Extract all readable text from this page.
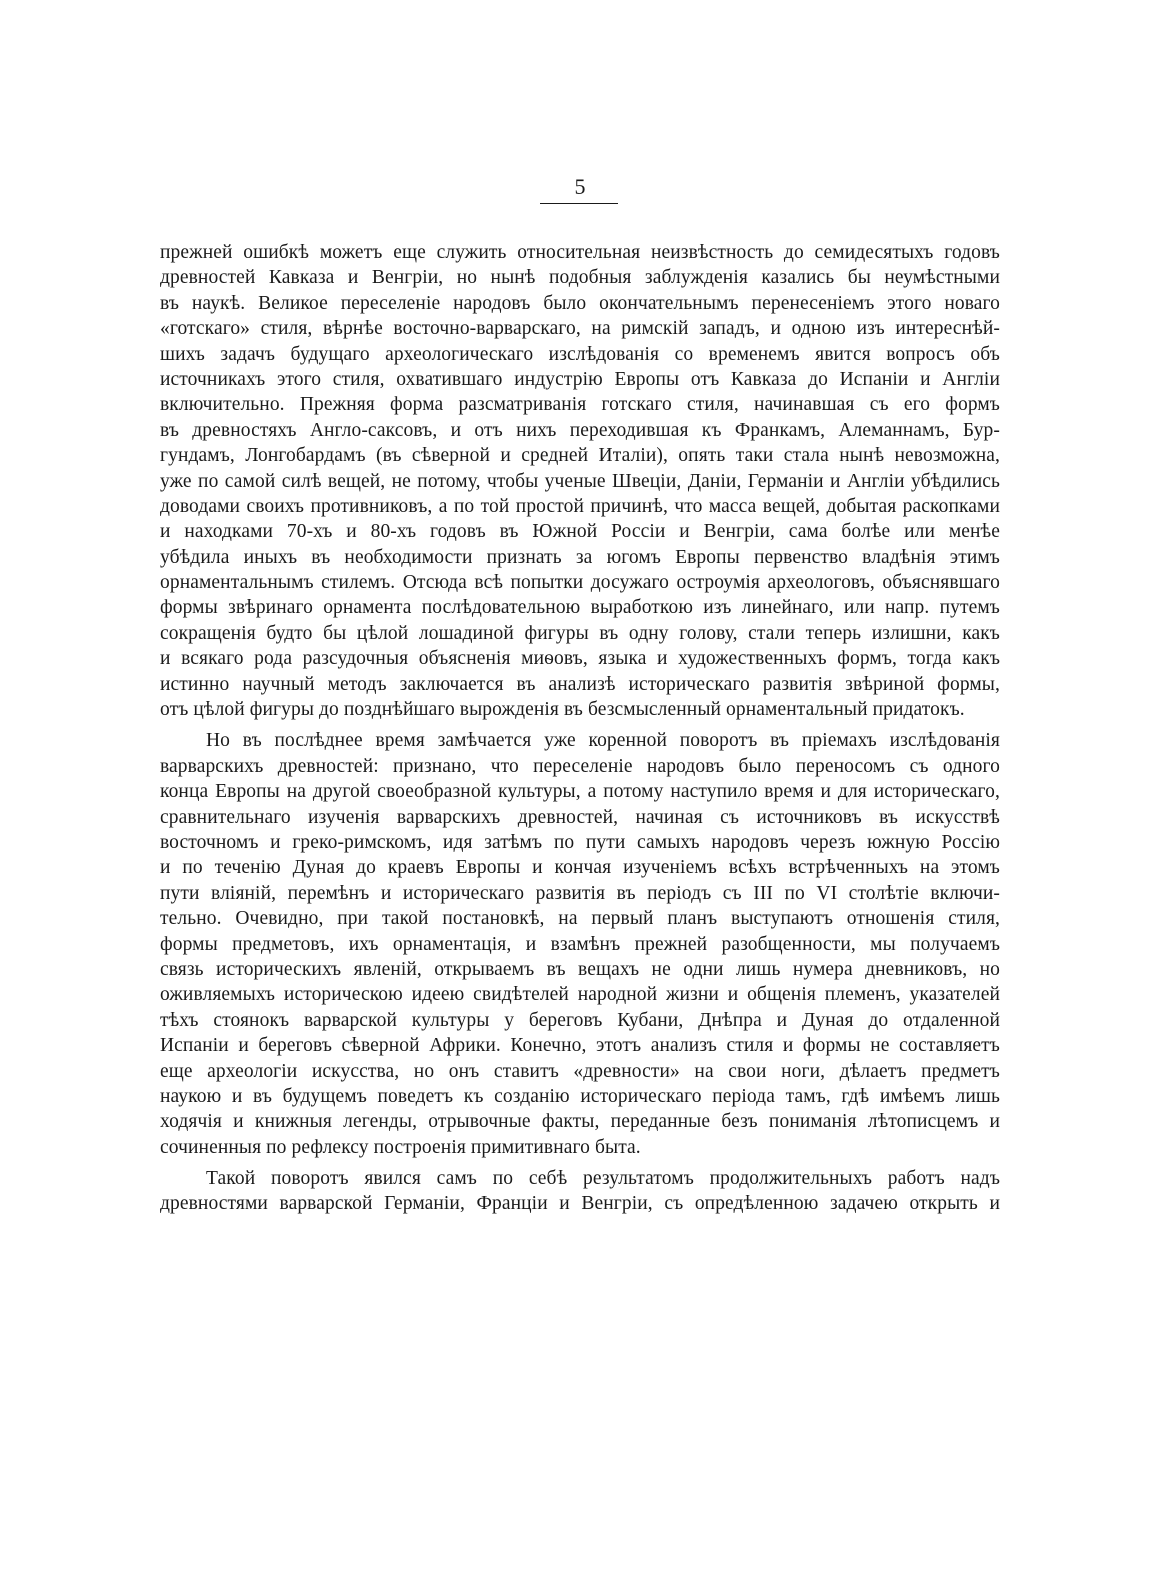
5
прежней ошибкѣ можетъ еще служить относительная неизвѣстность до семидесятыхъ годовъ
древностей Кавказа и Венгріи, но нынѣ подобныя заблужденія казались бы неумѣстными
въ наукѣ. Великое переселеніе народовъ было окончательнымъ перенесеніемъ этого новаго
«готскаго» стиля, вѣрнѣе восточно-варварскаго, на римскій западъ, и одною изъ интереснѣй-
шихъ задачъ будущаго археологическаго изслѣдованія со временемъ явится вопросъ объ
источникахъ этого стиля, охватившаго индустрію Европы отъ Кавказа до Испаніи и Англіи
включительно. Прежняя форма разсматриванія готскаго стиля, начинавшая съ его формъ
въ древностяхъ Англо-саксовъ, и отъ нихъ переходившая къ Франкамъ, Алеманнамъ, Бур-
гундамъ, Лонгобардамъ (въ сѣверной и средней Италіи), опять таки стала нынѣ невозможна,
уже по самой силѣ вещей, не потому, чтобы ученые Швеціи, Даніи, Германіи и Англіи убѣдились
доводами своихъ противниковъ, а по той простой причинѣ, что масса вещей, добытая раскопками
и находками 70-хъ и 80-хъ годовъ въ Южной Россіи и Венгріи, сама болѣе или менѣе
убѣдила иныхъ въ необходимости признать за югомъ Европы первенство владѣнія этимъ
орнаментальнымъ стилемъ. Отсюда всѣ попытки досужаго остроумія археологовъ, объяснявшаго
формы звѣринаго орнамента послѣдовательною выработкою изъ линейнаго, или напр. путемъ
сокращенія будто бы цѣлой лошадиной фигуры въ одну голову, стали теперь излишни, какъ
и всякаго рода разсудочныя объясненія миѳовъ, языка и художественныхъ формъ, тогда какъ
истинно научный методъ заключается въ анализѣ историческаго развитія звѣриной формы,
отъ цѣлой фигуры до позднѣйшаго вырожденія въ безсмысленный орнаментальный придатокъ.
Но въ послѣднее время замѣчается уже коренной поворотъ въ пріемахъ изслѣдованія
варварскихъ древностей: признано, что переселеніе народовъ было переносомъ съ одного
конца Европы на другой своеобразной культуры, а потому наступило время и для историческаго,
сравнительнаго изученія варварскихъ древностей, начиная съ источниковъ въ искусствѣ
восточномъ и греко-римскомъ, идя затѣмъ по пути самыхъ народовъ черезъ южную Россію
и по теченію Дуная до краевъ Европы и кончая изученіемъ всѣхъ встрѣченныхъ на этомъ
пути вліяній, перемѣнъ и историческаго развитія въ періодъ съ III по VI столѣтіе включи-
тельно. Очевидно, при такой постановкѣ, на первый планъ выступаютъ отношенія стиля,
формы предметовъ, ихъ орнаментація, и взамѣнъ прежней разобщенности, мы получаемъ
связь историческихъ явленій, открываемъ въ вещахъ не одни лишь нумера дневниковъ, но
оживляемыхъ историческою идеею свидѣтелей народной жизни и общенія племенъ, указателей
тѣхъ стоянокъ варварской культуры у береговъ Кубани, Днѣпра и Дуная до отдаленной
Испаніи и береговъ сѣверной Африки. Конечно, этотъ анализъ стиля и формы не составляетъ
еще археологіи искусства, но онъ ставитъ «древности» на свои ноги, дѣлаетъ предметъ
наукою и въ будущемъ поведетъ къ созданію историческаго періода тамъ, гдѣ имѣемъ лишь
ходячія и книжныя легенды, отрывочные факты, переданные безъ пониманія лѣтописцемъ и
сочиненныя по рефлексу построенія примитивнаго быта.
Такой поворотъ явился самъ по себѣ результатомъ продолжительныхъ работъ надъ
древностями варварской Германіи, Франціи и Венгріи, съ опредѣленною задачею открыть и
